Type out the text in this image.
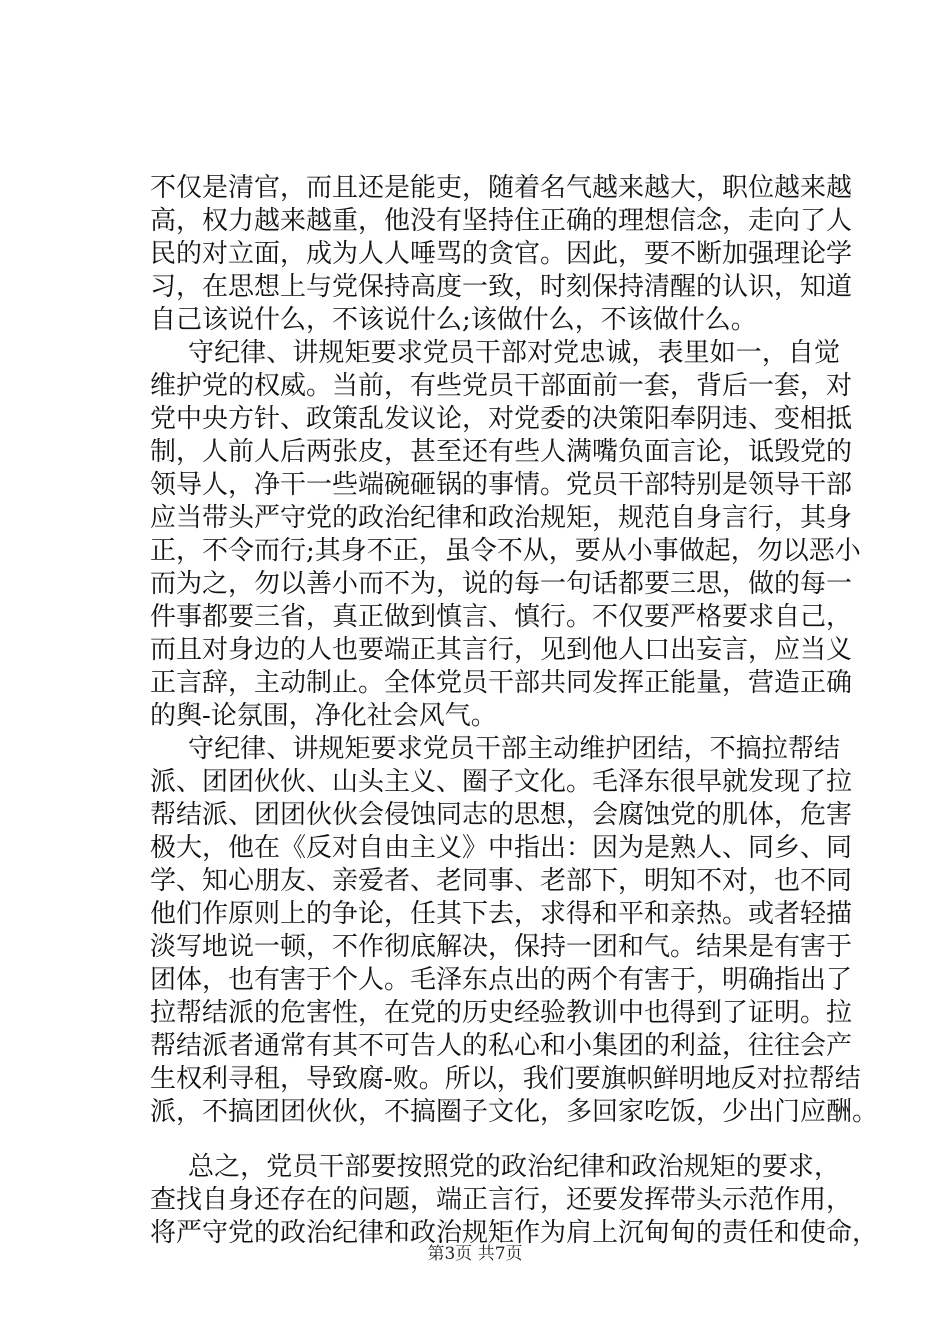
不仅是清官，而且还是能吏，随着名气越来越大，职位越来越
高，权力越来越重，他没有坚持住正确的理想信念，走向了人
民的对立面，成为人人唾骂的贪官。因此，要不断加强理论学
习，在思想上与党保持高度一致，时刻保持清醒的认识，知道
自己该说什么，不该说什么;该做什么，不该做什么。
守纪律、讲规矩要求党员干部对党忠诚，表里如一，自觉
维护党的权威。当前，有些党员干部面前一套，背后一套，对
党中央方针、政策乱发议论，对党委的决策阳奉阴违、变相抵
制，人前人后两张皮，甚至还有些人满嘴负面言论，诋毁党的
领导人，净干一些端碗砸锅的事情。党员干部特别是领导干部
应当带头严守党的政治纪律和政治规矩，规范自身言行，其身
正，不令而行;其身不正，虽令不从，要从小事做起，勿以恶小
而为之，勿以善小而不为，说的每一句话都要三思，做的每一
件事都要三省，真正做到慎言、慎行。不仅要严格要求自己，
而且对身边的人也要端正其言行，见到他人口出妄言，应当义
正言辞，主动制止。全体党员干部共同发挥正能量，营造正确
的舆-论氛围，净化社会风气。
守纪律、讲规矩要求党员干部主动维护团结，不搞拉帮结
派、团团伙伙、山头主义、圈子文化。毛泽东很早就发现了拉
帮结派、团团伙伙会侵蚀同志的思想，会腐蚀党的肌体，危害
极大，他在《反对自由主义》中指出：因为是熟人、同乡、同
学、知心朋友、亲爱者、老同事、老部下，明知不对，也不同
他们作原则上的争论，任其下去，求得和平和亲热。或者轻描
淡写地说一顿，不作彻底解决，保持一团和气。结果是有害于
团体，也有害于个人。毛泽东点出的两个有害于，明确指出了
拉帮结派的危害性，在党的历史经验教训中也得到了证明。拉
帮结派者通常有其不可告人的私心和小集团的利益，往往会产
生权利寻租，导致腐-败。所以，我们要旗帜鲜明地反对拉帮结
派，不搞团团伙伙，不搞圈子文化，多回家吃饭，少出门应酬。
总之，党员干部要按照党的政治纪律和政治规矩的要求，
查找自身还存在的问题，端正言行，还要发挥带头示范作用，
将严守党的政治纪律和政治规矩作为肩上沉甸甸的责任和使命，
第3页 共7页
